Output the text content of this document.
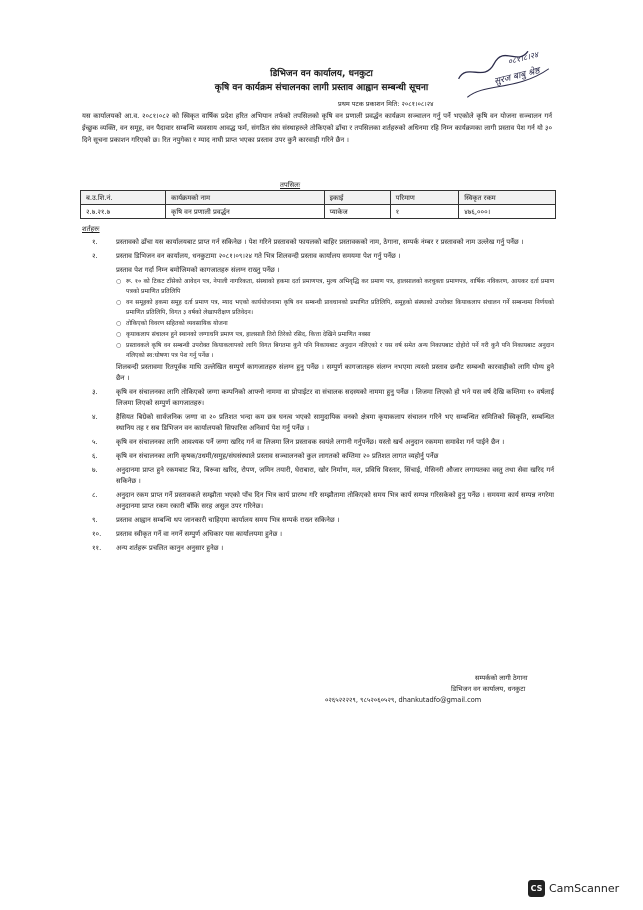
०८१।८।२४
सुरज बाबु श्रेष्ठ
डिभिजन वन कार्यालय, धनकुटा
कृषि वन कार्यक्रम संचालनका लागी प्रस्ताव आह्वान सम्बन्धी सूचना
प्रथम पटक प्रकाशन मिति: २०८१।०८।२४
यस कार्यालयको आ.व. २०८१।०८२ को स्विकृत वार्षिक प्रदेश हरित अभियान तर्फको तपसिलको कृषि वन प्रणाली प्रवर्द्धन कार्यक्रम सञ्चालन गर्नु पर्ने भएकोले कृषि वन योजना सञ्चालन गर्न ईच्छुक व्यक्ति, वन समूह, वन पैदावार सम्बन्धि व्यवसाय आवद्ध फर्म, संगठित संघ संस्थाहरुले तोकिएको ढाँचा र तपसिलका शर्तहरुको अधिनमा रहि निम्न कार्यक्रमका लागी प्रस्ताव पेश गर्न यो ३० दिने सूचना प्रकाशन गरिएको छ। रित नपुगेका र म्याद नाघी प्राप्त भएका प्रस्ताव उपर कुनै कारवाही गरिने छैन ।
तपसिलः
ब.उ.शि.नं.	कार्यक्रमको नाम	इकाई	परिमाण	स्विकृत रकम
२.७.२१.७	कृषि वन प्रणाली प्रवर्द्धन	प्याकेज	१	४७६,०००।
शर्तहरुः
१.	प्रस्तावको ढाँचा यस कार्यालयबाट प्राप्त गर्न सकिनेछ । पेश गरिने प्रस्तावको फायलको बाहिर प्रस्तावकको नाम, ठेगाना, सम्पर्क नंम्बर र प्रस्तावको नाम उल्लेख गर्नु पर्नेछ ।
२.	प्रस्ताव डिभिजन वन कार्यालय, धनकुटामा २०८१।०९।२४ गते भित्र शिलवन्दी प्रस्ताव कार्यालय समयमा पेश गर्नु पर्नेछ ।
प्रस्ताव पेश गर्दा निम्न बमोजिमको कागजातहरु संलग्न राख्नु पर्नेछ ।
○ रू. १० को टिकट टाँसेको आवेदन पत्र, नेपाली नागरिकता, संस्थाको हकमा दर्ता प्रमाणपत्र, मुल्य अभिवृद्धि कर प्रमाण पत्र, हालसालको करचुक्ता प्रमाणपत्र, वार्षिक नविकरण, आयकर दर्ता प्रमाण पत्रको प्रमाणित प्रतिलिपि
○ वन समूहको हकमा समूह दर्ता प्रमाण पत्र, म्याद भएको कार्ययोजनामा कृषि वन सम्बन्धी प्रावधानको प्रमाणित प्रतिलिपि, समूहको संस्थाको उपरोक्त कियाकलाप संचालन गर्ने सम्बन्धमा निर्णयको प्रमाणित प्रतिलिपि, विगत ३ वर्षको लेखापरीक्षण प्रतिवेदन।
○ तोकिएको विवरण सहितको व्यवसायिक योजना
○ कृयाकलाप संचालन हुने स्थानको जग्गाधनि प्रमाण पत्र, हालसालै तिरो तिरेको रसिद, कित्ता देखिने प्रमाणित नक्सा
○ प्रस्तावकले कृषि वन सम्बन्धी उपरोक्त कियाकलापको लागि विगत बिगतमा कुनै पनि निकायबाट अनुदान नलिएको र यस वर्ष समेत अन्य निकायबाट दोहोरो पर्ने गरी कुनै पनि निकायबाट अनुदान नलिएको स्व:घोषणा पत्र पेश गर्नु पर्नेछ ।
शिलबन्दी प्रस्तावमा रितपूर्वक माथि उल्लेखित सम्पुर्ण कागजातहरु संलग्न हुनु पर्नेछ । सम्पुर्ण कागजातहरु संलग्न नभएमा त्यस्तो प्रस्ताव छनौट सम्बन्धी कारवाहीको लागि योग्य हुने छैन ।
३.	कृषि वन संचालनका लागि तोकिएको जग्गा कम्पनिको आफ्नो नाममा वा प्रोपाईटर वा संचालक सदस्यको नाममा हुनु पर्नेछ । लिजमा लिएको हो भने यस वर्ष देखि कम्तिमा १० वर्षलाई लिजमा लिएको सम्पुर्ण कागजातहरु।
४.	हैसियत बिग्रेको सार्वजनिक जग्गा वा २० प्रतिशत भन्दा कम छत्र घनत्व भएको सामुदायिक वनको क्षेत्रमा कृयाकलाप संचालन गरिने भए सम्बन्धित समितिको स्विकृति, सम्बन्धित स्थानिय तह र सब डिभिजन वन कार्यालयको सिफारिस अनिवार्य पेश गर्नु पर्नेछ ।
५.	कृषि वन संचालनका लागि आवश्यक पर्ने जग्गा खरिद गर्न वा लिजमा लिन प्रस्तावक स्वयंले लगानी गर्नुपर्नेछ। यस्तो खर्च अनुदान रकममा समावेश गर्न पाईने छैन ।
६.	कृषि वन संचालनका लागि कृषक/उधमी/समुह/संघसंस्थाले प्रस्ताव सञ्चालनको कुल लागतको कम्तिमा २० प्रतिशत लागत व्यहोर्नु पर्नेछ
७.	अनुदानमा प्राप्त हुने रकमबाट बिउ, बिरूवा खरिद, रोपण, जमिन तयारी, घेराबारा, खोर निर्माण, मल, प्रविधि विस्तार, सिंचाई, मेसिनरी औजार लगायतका वस्तु तथा सेवा खरिद गर्न सकिनेछ ।
८.	अनुदान रकम प्राप्त गर्ने प्रस्तावकले सम्झौता भएको पाँच दिन भित्र कार्य प्रारम्भ गरि सम्झौतामा तोकिएको समय भित्र कार्य सम्पन्न गरिसकेको हुनु पर्नेछ । समयमा कार्य सम्पन्न नगरेमा अनुदानमा प्राप्त रकम रकारी बाँकि सरह असुल उपर गरिनेछ।
९.	प्रस्ताव आह्वान सम्बन्धि थप जानकारी चाहिएमा कार्यालय समय भित्र सम्पर्क राख्न सकिनेछ ।
१०.	प्रस्ताव स्वीकृत गर्ने वा नगर्ने सम्पुर्ण अधिकार यस कार्यालयमा हुनेछ ।
११.	अन्य शर्तहरू प्रचलित कानुन अनुसार हुनेछ ।
सम्पर्कको लागी ठेगाना
डिभिजन वन कार्यालय, धनकुटा
०२६५२२२२९, ९८५२०६०५२९, dhankutadfo@gmail.com
CS CamScanner
